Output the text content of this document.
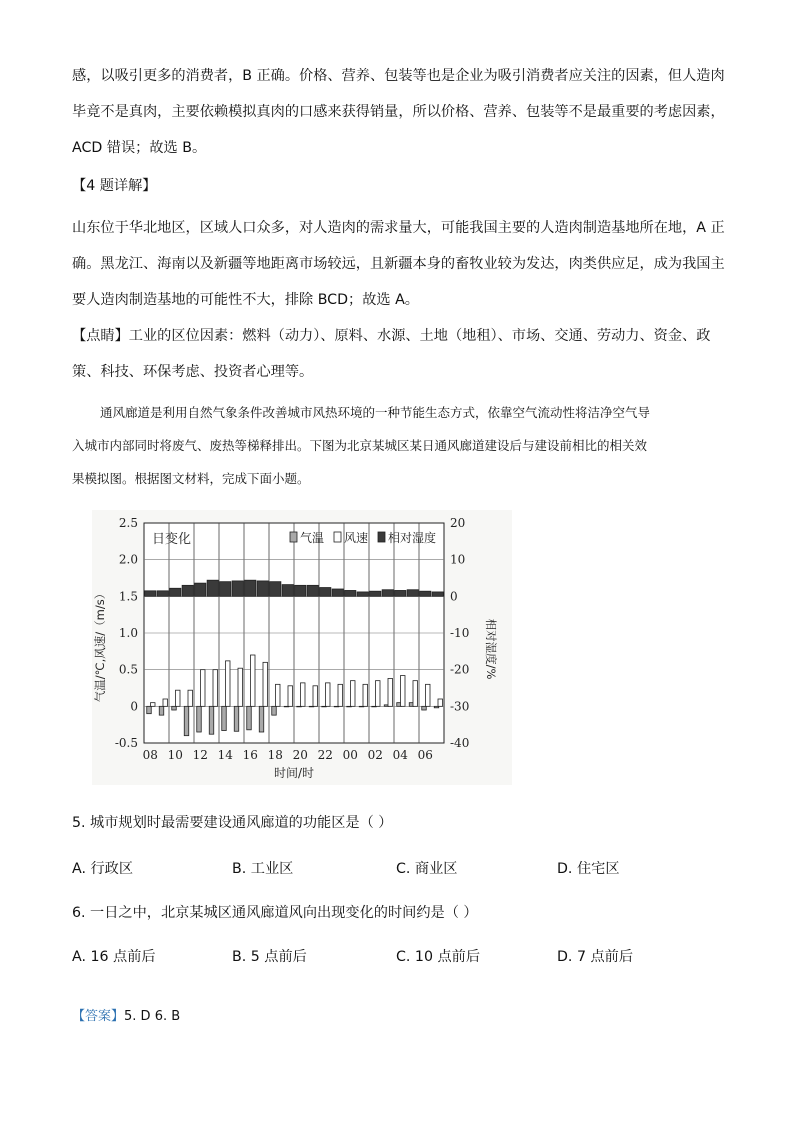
感，以吸引更多的消费者，B 正确。价格、营养、包装等也是企业为吸引消费者应关注的因素，但人造肉
毕竟不是真肉，主要依赖模拟真肉的口感来获得销量，所以价格、营养、包装等不是最重要的考虑因素，
ACD 错误；故选 B。

【4 题详解】

山东位于华北地区，区域人口众多，对人造肉的需求量大，可能我国主要的人造肉制造基地所在地，A 正
确。黑龙江、海南以及新疆等地距离市场较远，且新疆本身的畜牧业较为发达，肉类供应足，成为我国主
要人造肉制造基地的可能性不大，排除 BCD；故选 A。

【点睛】工业的区位因素：燃料（动力）、原料、水源、土地（地租）、市场、交通、劳动力、资金、政
策、科技、环保考虑、投资者心理等。

通风廊道是利用自然气象条件改善城市风热环境的一种节能生态方式，依靠空气流动性将洁净空气导
入城市内部同时将废气、废热等梯释排出。下图为北京某城区某日通风廊道建设后与建设前相比的相关效
果模拟图。根据图文材料，完成下面小题。

2.5
2.0
1.5
1.0
0.5
0
-0.5
20
10
0
-10
-20
-30
-40
08 10 12 14 16 18 20 22 00 02 04 06
时间/时
气温/℃,风速/（m/s）	相对湿度/%
日变化	气温 风速 相对湿度

5. 城市规划时最需要建设通风廊道的功能区是（ ）

A. 行政区	B. 工业区	C. 商业区	D. 住宅区

6. 一日之中，北京某城区通风廊道风向出现变化的时间约是（ ）

A. 16 点前后	B. 5 点前后	C. 10 点前后	D. 7 点前后

【答案】5. D 6. B
